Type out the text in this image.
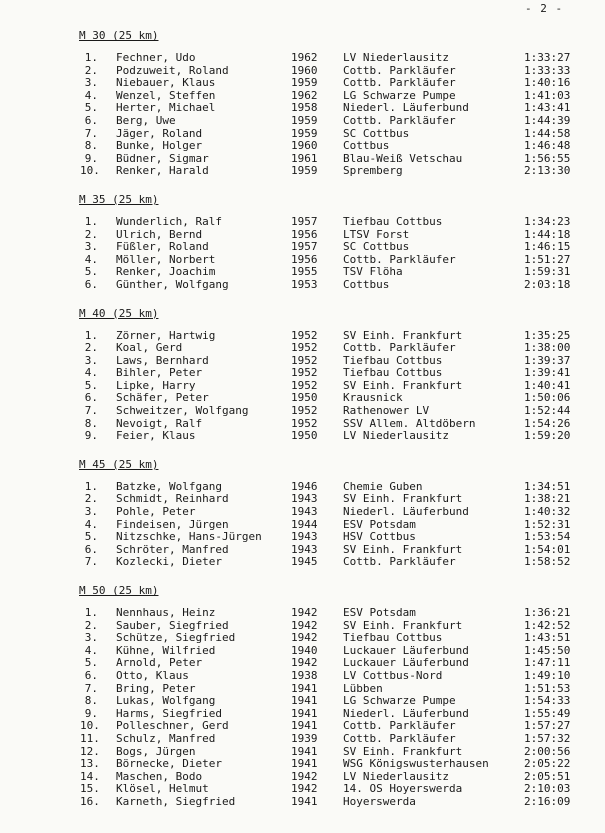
- 2 -
M 30 (25 km)
1. Fechner, Udo	1962 LV Niederlausitz	1:33:27
2. Podzuweit, Roland	1960 Cottb. Parkläufer	1:33:33
3. Niebauer, Klaus	1959 Cottb. Parkläufer	1:40:16
4. Wenzel, Steffen	1962 LG Schwarze Pumpe	1:41:03
5. Herter, Michael	1958 Niederl. Läuferbund	1:43:41
6. Berg, Uwe	1959 Cottb. Parkläufer	1:44:39
7. Jäger, Roland	1959 SC Cottbus	1:44:58
8. Bunke, Holger	1960 Cottbus	1:46:48
9. Büdner, Sigmar	1961 Blau-Weiß Vetschau	1:56:55
10. Renker, Harald	1959 Spremberg	2:13:30
M 35 (25 km)
1. Wunderlich, Ralf	1957 Tiefbau Cottbus	1:34:23
2. Ulrich, Bernd	1956 LTSV Forst	1:44:18
3. Füßler, Roland	1957 SC Cottbus	1:46:15
4. Möller, Norbert	1956 Cottb. Parkläufer	1:51:27
5. Renker, Joachim	1955 TSV Flöha	1:59:31
6. Günther, Wolfgang	1953 Cottbus	2:03:18
M 40 (25 km)
1. Zörner, Hartwig	1952 SV Einh. Frankfurt	1:35:25
2. Koal, Gerd	1952 Cottb. Parkläufer	1:38:00
3. Laws, Bernhard	1952 Tiefbau Cottbus	1:39:37
4. Bihler, Peter	1952 Tiefbau Cottbus	1:39:41
5. Lipke, Harry	1952 SV Einh. Frankfurt	1:40:41
6. Schäfer, Peter	1950 Krausnick	1:50:06
7. Schweitzer, Wolfgang	1952 Rathenower LV	1:52:44
8. Nevoigt, Ralf	1952 SSV Allem. Altdöbern	1:54:26
9. Feier, Klaus	1950 LV Niederlausitz	1:59:20
M 45 (25 km)
1. Batzke, Wolfgang	1946 Chemie Guben	1:34:51
2. Schmidt, Reinhard	1943 SV Einh. Frankfurt	1:38:21
3. Pohle, Peter	1943 Niederl. Läuferbund	1:40:32
4. Findeisen, Jürgen	1944 ESV Potsdam	1:52:31
5. Nitzschke, Hans-Jürgen	1943 HSV Cottbus	1:53:54
6. Schröter, Manfred	1943 SV Einh. Frankfurt	1:54:01
7. Kozlecki, Dieter	1945 Cottb. Parkläufer	1:58:52
M 50 (25 km)
1. Nennhaus, Heinz	1942 ESV Potsdam	1:36:21
2. Sauber, Siegfried	1942 SV Einh. Frankfurt	1:42:52
3. Schütze, Siegfried	1942 Tiefbau Cottbus	1:43:51
4. Kühne, Wilfried	1940 Luckauer Läuferbund	1:45:50
5. Arnold, Peter	1942 Luckauer Läuferbund	1:47:11
6. Otto, Klaus	1938 LV Cottbus-Nord	1:49:10
7. Bring, Peter	1941 Lübben	1:51:53
8. Lukas, Wolfgang	1941 LG Schwarze Pumpe	1:54:33
9. Harms, Siegfried	1941 Niederl. Läuferbund	1:55:49
10. Polleschner, Gerd	1941 Cottb. Parkläufer	1:57:27
11. Schulz, Manfred	1939 Cottb. Parkläufer	1:57:32
12. Bogs, Jürgen	1941 SV Einh. Frankfurt	2:00:56
13. Börnecke, Dieter	1941 WSG Königswusterhausen	2:05:22
14. Maschen, Bodo	1942 LV Niederlausitz	2:05:51
15. Klösel, Helmut	1942 14. OS Hoyerswerda	2:10:03
16. Karneth, Siegfried	1941 Hoyerswerda	2:16:09
